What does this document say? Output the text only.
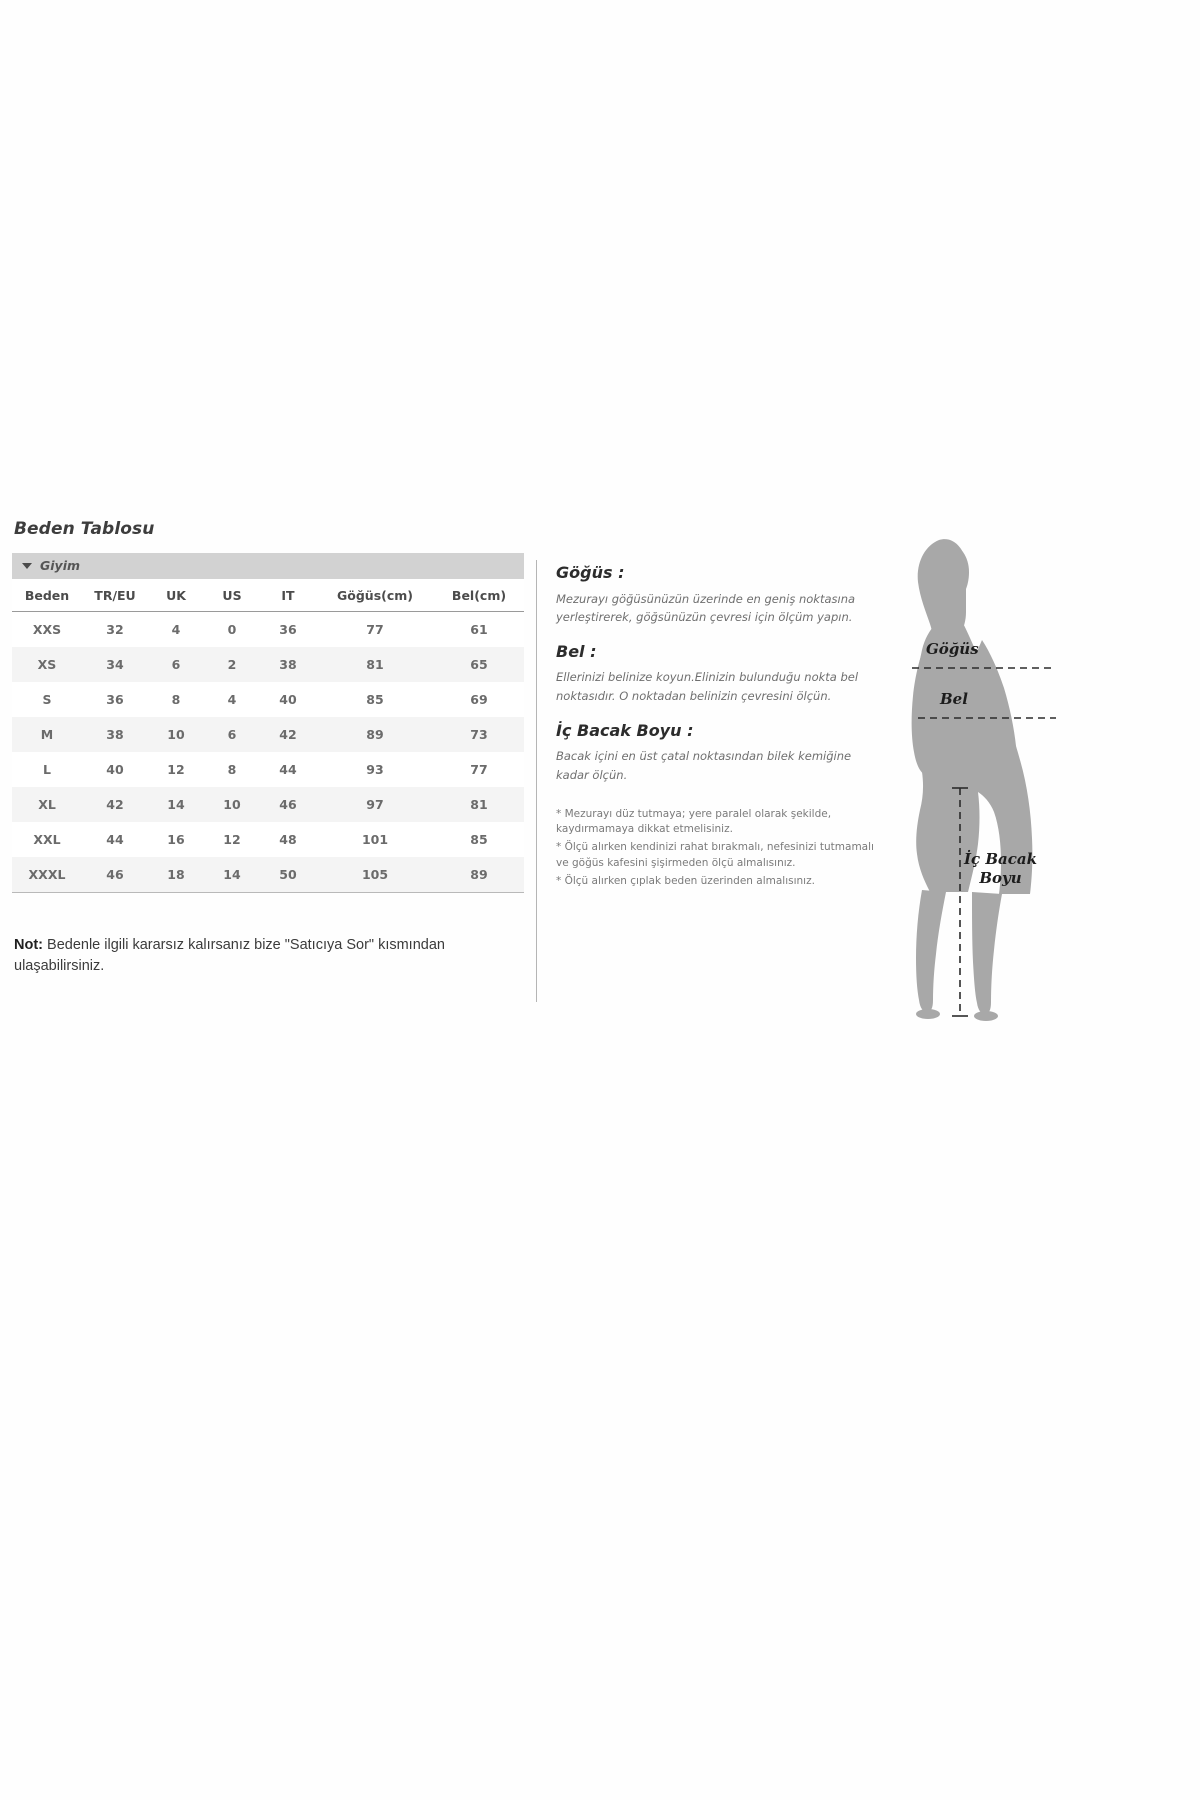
Beden Tablosu
Giyim
Beden	TR/EU	UK	US	IT	Göğüs(cm)	Bel(cm)
XXS	32	4	0	36	77	61
XS	34	6	2	38	81	65
S	36	8	4	40	85	69
M	38	10	6	42	89	73
L	40	12	8	44	93	77
XL	42	14	10	46	97	81
XXL	44	16	12	48	101	85
XXXL	46	18	14	50	105	89
Not: Bedenle ilgili kararsız kalırsanız bize "Satıcıya Sor" kısmından ulaşabilirsiniz.

Göğüs :

Mezurayı göğüsünüzün üzerinde en geniş noktasına yerleştirerek, göğsünüzün çevresi için ölçüm yapın.

Bel :

Ellerinizi belinize koyun.Elinizin bulunduğu nokta bel noktasıdır. O noktadan belinizin çevresini ölçün.

İç Bacak Boyu :

Bacak içini en üst çatal noktasından bilek kemiğine kadar ölçün.

* Mezurayı düz tutmaya; yere paralel olarak şekilde, kaydırmamaya dikkat etmelisiniz.

* Ölçü alırken kendinizi rahat bırakmalı, nefesinizi tutmamalı ve göğüs kafesini şişirmeden ölçü almalısınız.

* Ölçü alırken çıplak beden üzerinden almalısınız.

Göğüs
Bel
İç Bacak
Boyu
